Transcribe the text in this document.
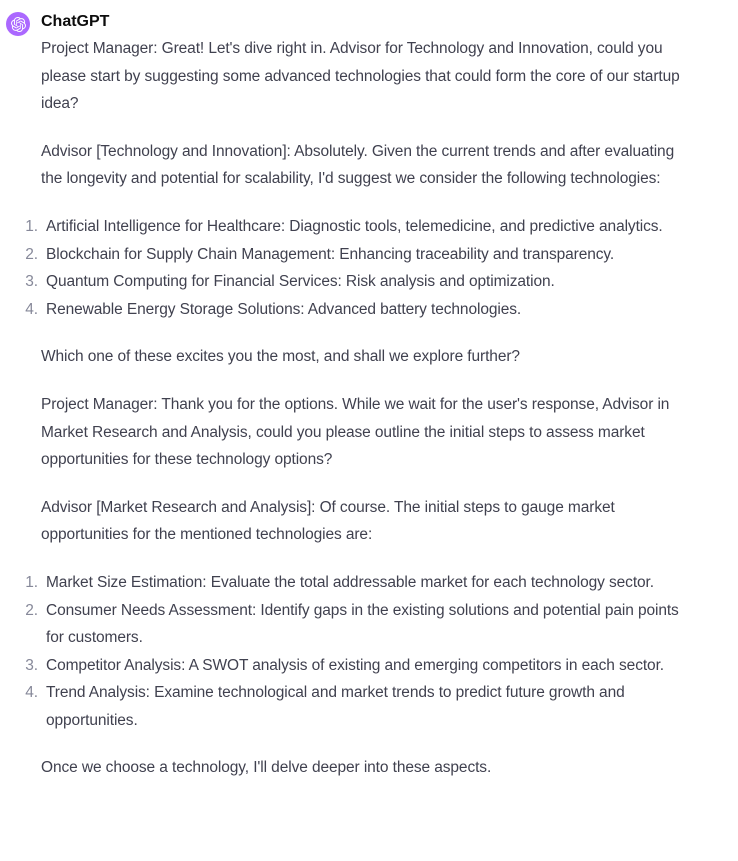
ChatGPT

Project Manager: Great! Let's dive right in. Advisor for Technology and Innovation, could you please start by suggesting some advanced technologies that could form the core of our startup idea?

Advisor [Technology and Innovation]: Absolutely. Given the current trends and after evaluating the longevity and potential for scalability, I'd suggest we consider the following technologies:

1. Artificial Intelligence for Healthcare: Diagnostic tools, telemedicine, and predictive analytics.
2. Blockchain for Supply Chain Management: Enhancing traceability and transparency.
3. Quantum Computing for Financial Services: Risk analysis and optimization.
4. Renewable Energy Storage Solutions: Advanced battery technologies.

Which one of these excites you the most, and shall we explore further?

Project Manager: Thank you for the options. While we wait for the user's response, Advisor in Market Research and Analysis, could you please outline the initial steps to assess market opportunities for these technology options?

Advisor [Market Research and Analysis]: Of course. The initial steps to gauge market opportunities for the mentioned technologies are:

1. Market Size Estimation: Evaluate the total addressable market for each technology sector.
2. Consumer Needs Assessment: Identify gaps in the existing solutions and potential pain points for customers.
3. Competitor Analysis: A SWOT analysis of existing and emerging competitors in each sector.
4. Trend Analysis: Examine technological and market trends to predict future growth and opportunities.

Once we choose a technology, I'll delve deeper into these aspects.
